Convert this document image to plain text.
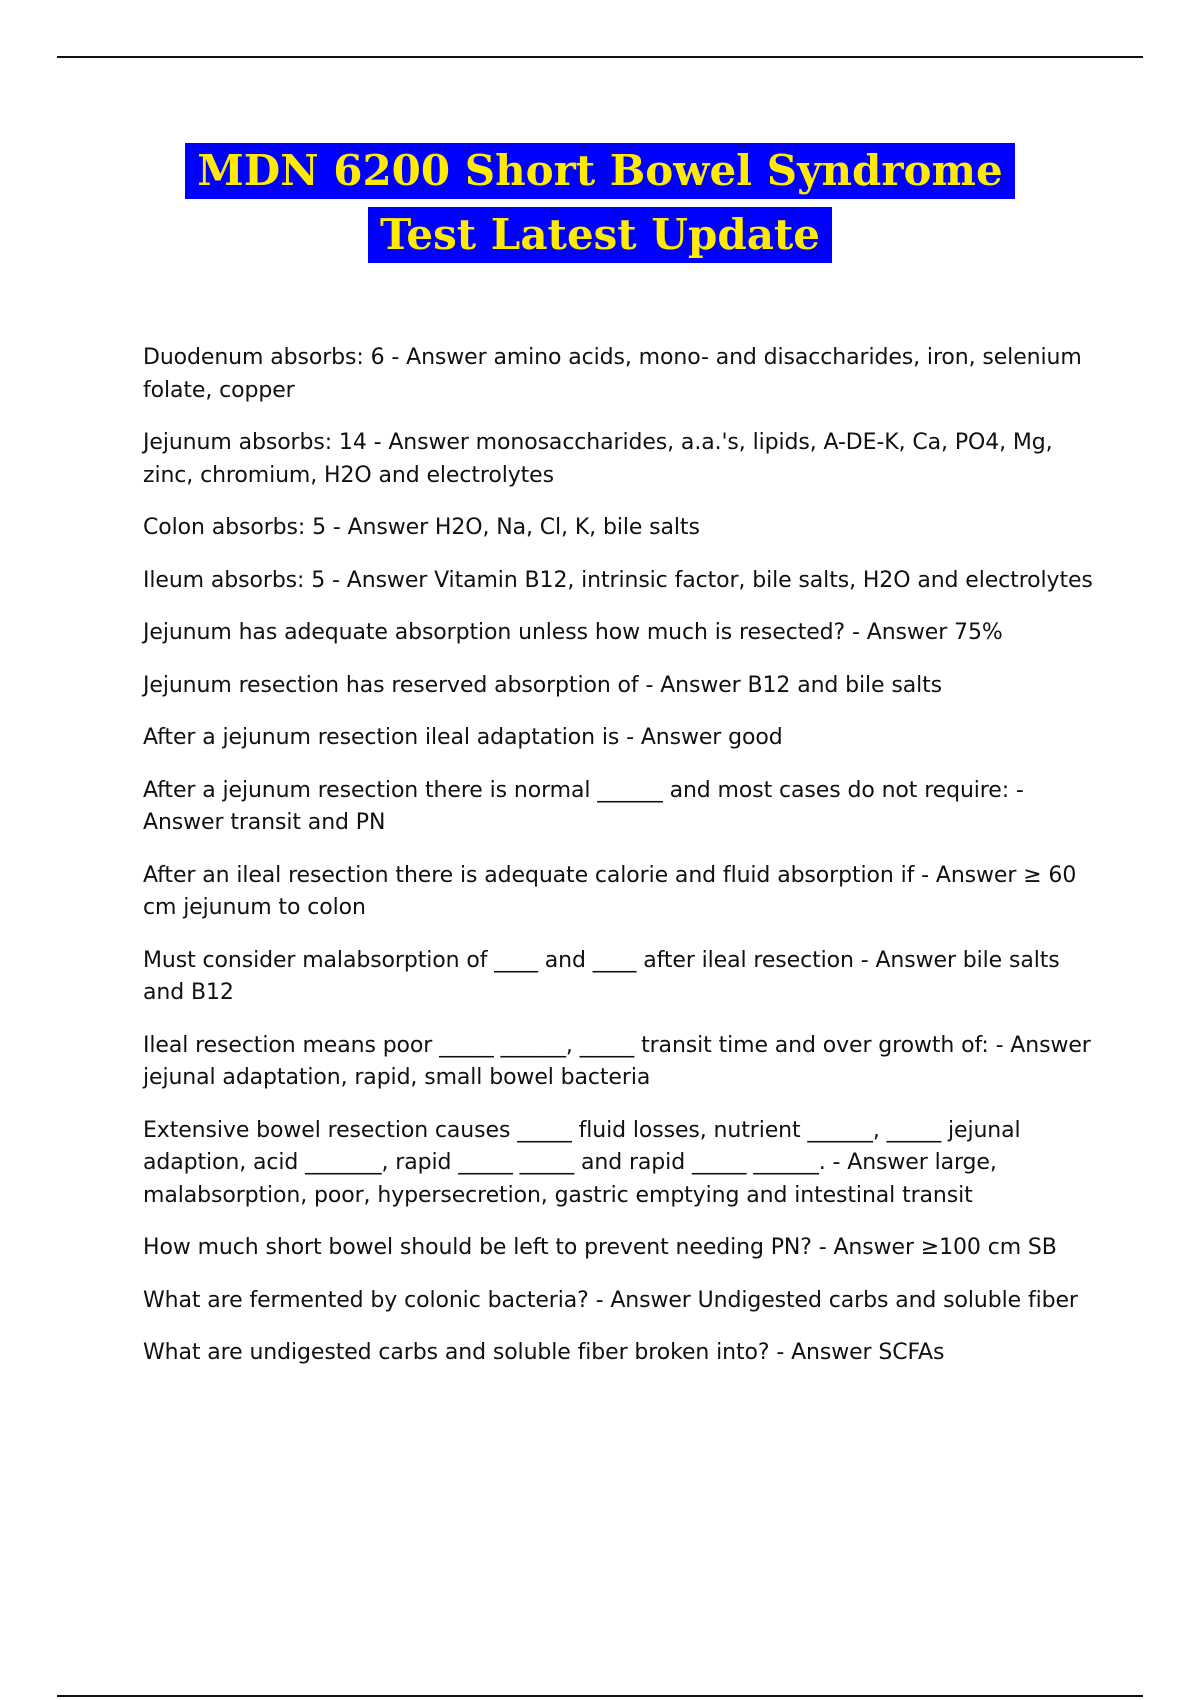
MDN 6200 Short Bowel Syndrome
Test Latest Update

Duodenum absorbs: 6 - Answer amino acids, mono- and disaccharides, iron, selenium folate, copper

Jejunum absorbs: 14 - Answer monosaccharides, a.a.'s, lipids, A-DE-K, Ca, PO4, Mg, zinc, chromium, H2O and electrolytes

Colon absorbs: 5 - Answer H2O, Na, Cl, K, bile salts

Ileum absorbs: 5 - Answer Vitamin B12, intrinsic factor, bile salts, H2O and electrolytes

Jejunum has adequate absorption unless how much is resected? - Answer 75%

Jejunum resection has reserved absorption of - Answer B12 and bile salts

After a jejunum resection ileal adaptation is - Answer good

After a jejunum resection there is normal ______ and most cases do not require: - Answer transit and PN

After an ileal resection there is adequate calorie and fluid absorption if - Answer ≥ 60 cm jejunum to colon

Must consider malabsorption of ____ and ____ after ileal resection - Answer bile salts and B12

Ileal resection means poor _____ ______, _____ transit time and over growth of: - Answer jejunal adaptation, rapid, small bowel bacteria

Extensive bowel resection causes _____ fluid losses, nutrient ______, _____ jejunal adaption, acid _______, rapid _____ _____ and rapid _____ ______. - Answer large, malabsorption, poor, hypersecretion, gastric emptying and intestinal transit

How much short bowel should be left to prevent needing PN? - Answer ≥100 cm SB

What are fermented by colonic bacteria? - Answer Undigested carbs and soluble fiber

What are undigested carbs and soluble fiber broken into? - Answer SCFAs
